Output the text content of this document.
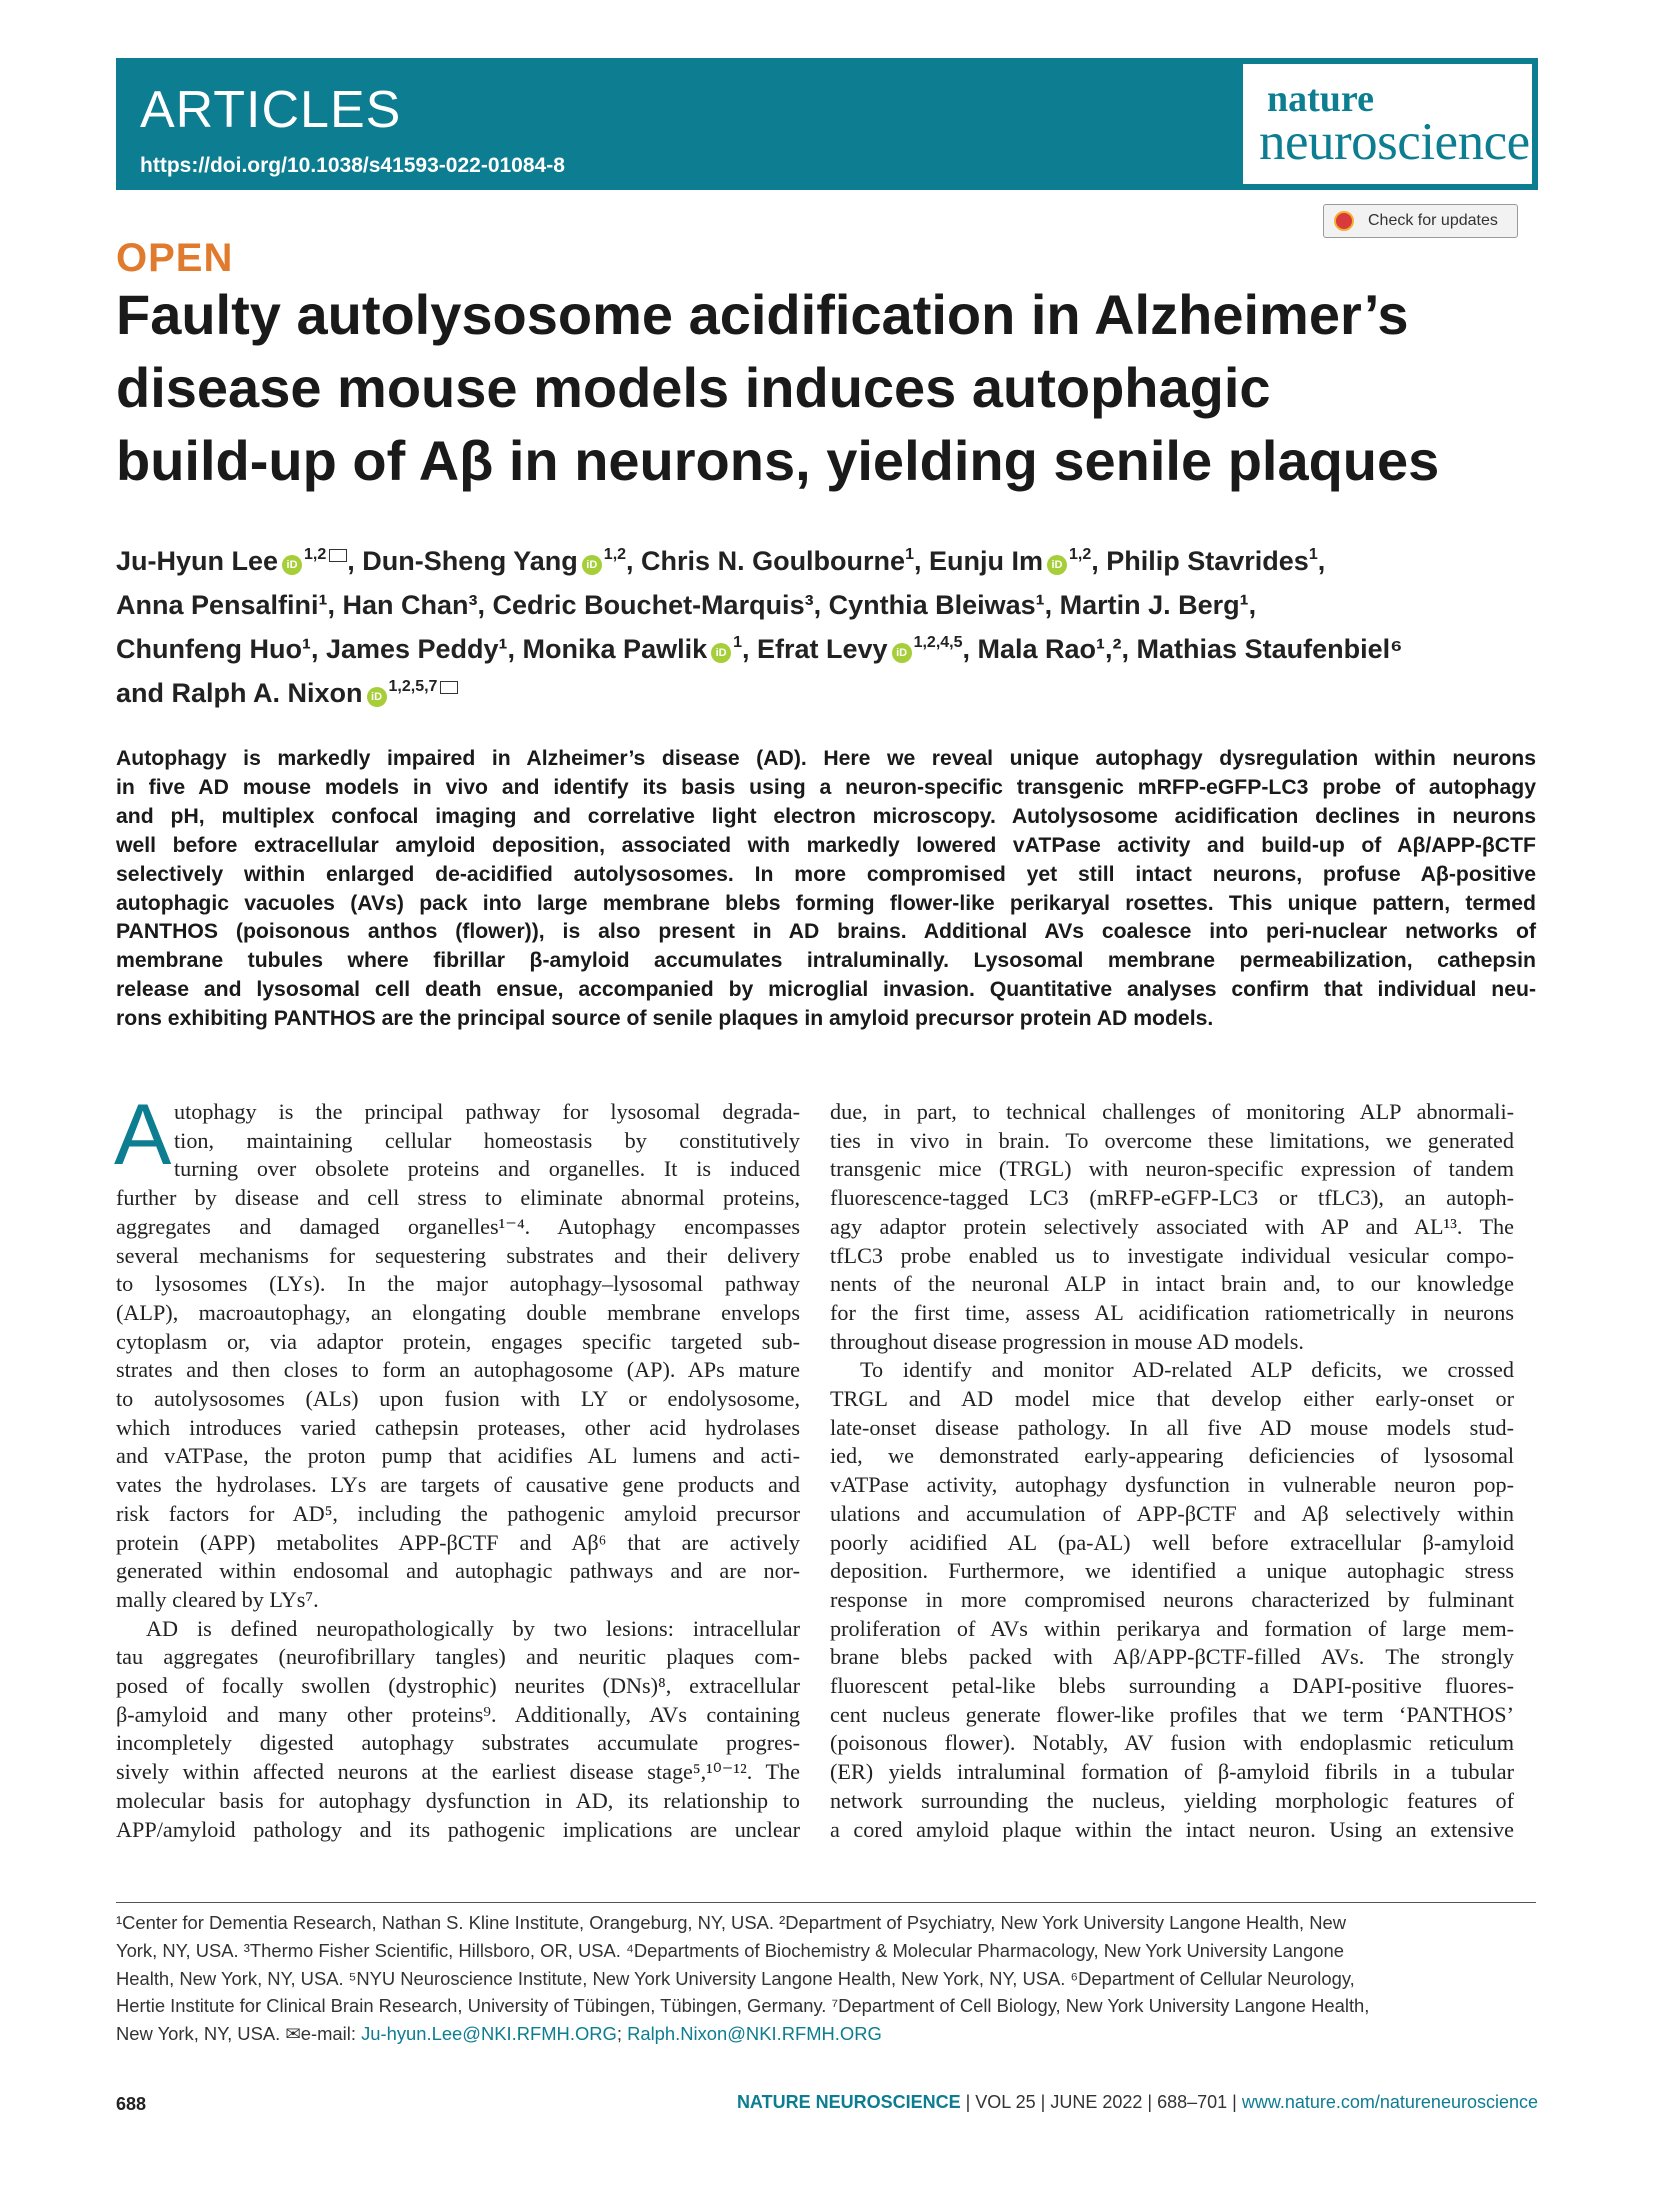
ARTICLES
https://doi.org/10.1038/s41593-022-01084-8
nature
neuroscience
Check for updates
OPEN
Faulty autolysosome acidification in Alzheimer’s
disease mouse models induces autophagic
build-up of Aβ in neurons, yielding senile plaques
Ju-Hyun Lee iD$^{1,2}$ , Dun-Sheng Yang iD$^{1,2}$, Chris N. Goulbourne$^1$, Eunju Im iD$^{1,2}$, Philip Stavrides$^1$,
Anna Pensalfini¹, Han Chan³, Cedric Bouchet-Marquis³, Cynthia Bleiwas¹, Martin J. Berg¹,
Chunfeng Huo¹, James Peddy¹, Monika Pawlik $iD^1$, Efrat Levy iD$^{1,2,4,5}$, Mala Rao¹,², Mathias Staufenbiel⁶
and Ralph A. Nixon iD$^{1,2,5,7}$
Autophagy is markedly impaired in Alzheimer’s disease (AD). Here we reveal unique autophagy dysregulation within neurons
in five AD mouse models in vivo and identify its basis using a neuron-specific transgenic mRFP-eGFP-LC3 probe of autophagy
and pH, multiplex confocal imaging and correlative light electron microscopy. Autolysosome acidification declines in neurons
well before extracellular amyloid deposition, associated with markedly lowered vATPase activity and build-up of Aβ/APP-βCTF
selectively within enlarged de-acidified autolysosomes. In more compromised yet still intact neurons, profuse Aβ-positive
autophagic vacuoles (AVs) pack into large membrane blebs forming flower-like perikaryal rosettes. This unique pattern, termed
PANTHOS (poisonous anthos (flower)), is also present in AD brains. Additional AVs coalesce into peri-nuclear networks of
membrane tubules where fibrillar β-amyloid accumulates intraluminally. Lysosomal membrane permeabilization, cathepsin
release and lysosomal cell death ensue, accompanied by microglial invasion. Quantitative analyses confirm that individual neu-
rons exhibiting PANTHOS are the principal source of senile plaques in amyloid precursor protein AD models.
A utophagy is the principal pathway for lysosomal degrada-
tion, maintaining cellular homeostasis by constitutively
turning over obsolete proteins and organelles. It is induced
further by disease and cell stress to eliminate abnormal proteins,
aggregates and damaged organelles¹⁻⁴. Autophagy encompasses
several mechanisms for sequestering substrates and their delivery
to lysosomes (LYs). In the major autophagy–lysosomal pathway
(ALP), macroautophagy, an elongating double membrane envelops
cytoplasm or, via adaptor protein, engages specific targeted sub-
strates and then closes to form an autophagosome (AP). APs mature
to autolysosomes (ALs) upon fusion with LY or endolysosome,
which introduces varied cathepsin proteases, other acid hydrolases
and vATPase, the proton pump that acidifies AL lumens and acti-
vates the hydrolases. LYs are targets of causative gene products and
risk factors for AD⁵, including the pathogenic amyloid precursor
protein (APP) metabolites APP-βCTF and Aβ⁶ that are actively
generated within endosomal and autophagic pathways and are nor-
mally cleared by LYs⁷.
AD is defined neuropathologically by two lesions: intracellular
tau aggregates (neurofibrillary tangles) and neuritic plaques com-
posed of focally swollen (dystrophic) neurites (DNs)⁸, extracellular
β-amyloid and many other proteins⁹. Additionally, AVs containing
incompletely digested autophagy substrates accumulate progres-
sively within affected neurons at the earliest disease stage⁵,¹⁰⁻¹². The
molecular basis for autophagy dysfunction in AD, its relationship to
APP/amyloid pathology and its pathogenic implications are unclear
due, in part, to technical challenges of monitoring ALP abnormali-
ties in vivo in brain. To overcome these limitations, we generated
transgenic mice (TRGL) with neuron-specific expression of tandem
fluorescence-tagged LC3 (mRFP-eGFP-LC3 or tfLC3), an autoph-
agy adaptor protein selectively associated with AP and AL¹³. The
tfLC3 probe enabled us to investigate individual vesicular compo-
nents of the neuronal ALP in intact brain and, to our knowledge
for the first time, assess AL acidification ratiometrically in neurons
throughout disease progression in mouse AD models.
To identify and monitor AD-related ALP deficits, we crossed
TRGL and AD model mice that develop either early-onset or
late-onset disease pathology. In all five AD mouse models stud-
ied, we demonstrated early-appearing deficiencies of lysosomal
vATPase activity, autophagy dysfunction in vulnerable neuron pop-
ulations and accumulation of APP-βCTF and Aβ selectively within
poorly acidified AL (pa-AL) well before extracellular β-amyloid
deposition. Furthermore, we identified a unique autophagic stress
response in more compromised neurons characterized by fulminant
proliferation of AVs within perikarya and formation of large mem-
brane blebs packed with Aβ/APP-βCTF-filled AVs. The strongly
fluorescent petal-like blebs surrounding a DAPI-positive fluores-
cent nucleus generate flower-like profiles that we term ‘PANTHOS’
(poisonous flower). Notably, AV fusion with endoplasmic reticulum
(ER) yields intraluminal formation of β-amyloid fibrils in a tubular
network surrounding the nucleus, yielding morphologic features of
a cored amyloid plaque within the intact neuron. Using an extensive
¹Center for Dementia Research, Nathan S. Kline Institute, Orangeburg, NY, USA. ²Department of Psychiatry, New York University Langone Health, New
York, NY, USA. ³Thermo Fisher Scientific, Hillsboro, OR, USA. ⁴Departments of Biochemistry & Molecular Pharmacology, New York University Langone
Health, New York, NY, USA. ⁵NYU Neuroscience Institute, New York University Langone Health, New York, NY, USA. ⁶Department of Cellular Neurology,
Hertie Institute for Clinical Brain Research, University of Tübingen, Tübingen, Germany. ⁷Department of Cell Biology, New York University Langone Health,
New York, NY, USA. ✉e-mail: Ju-hyun.Lee@NKI.RFMH.ORG; Ralph.Nixon@NKI.RFMH.ORG
688	NATURE NEUROSCIENCE | VOL 25 | JUNE 2022 | 688–701 | www.nature.com/natureneuroscience
